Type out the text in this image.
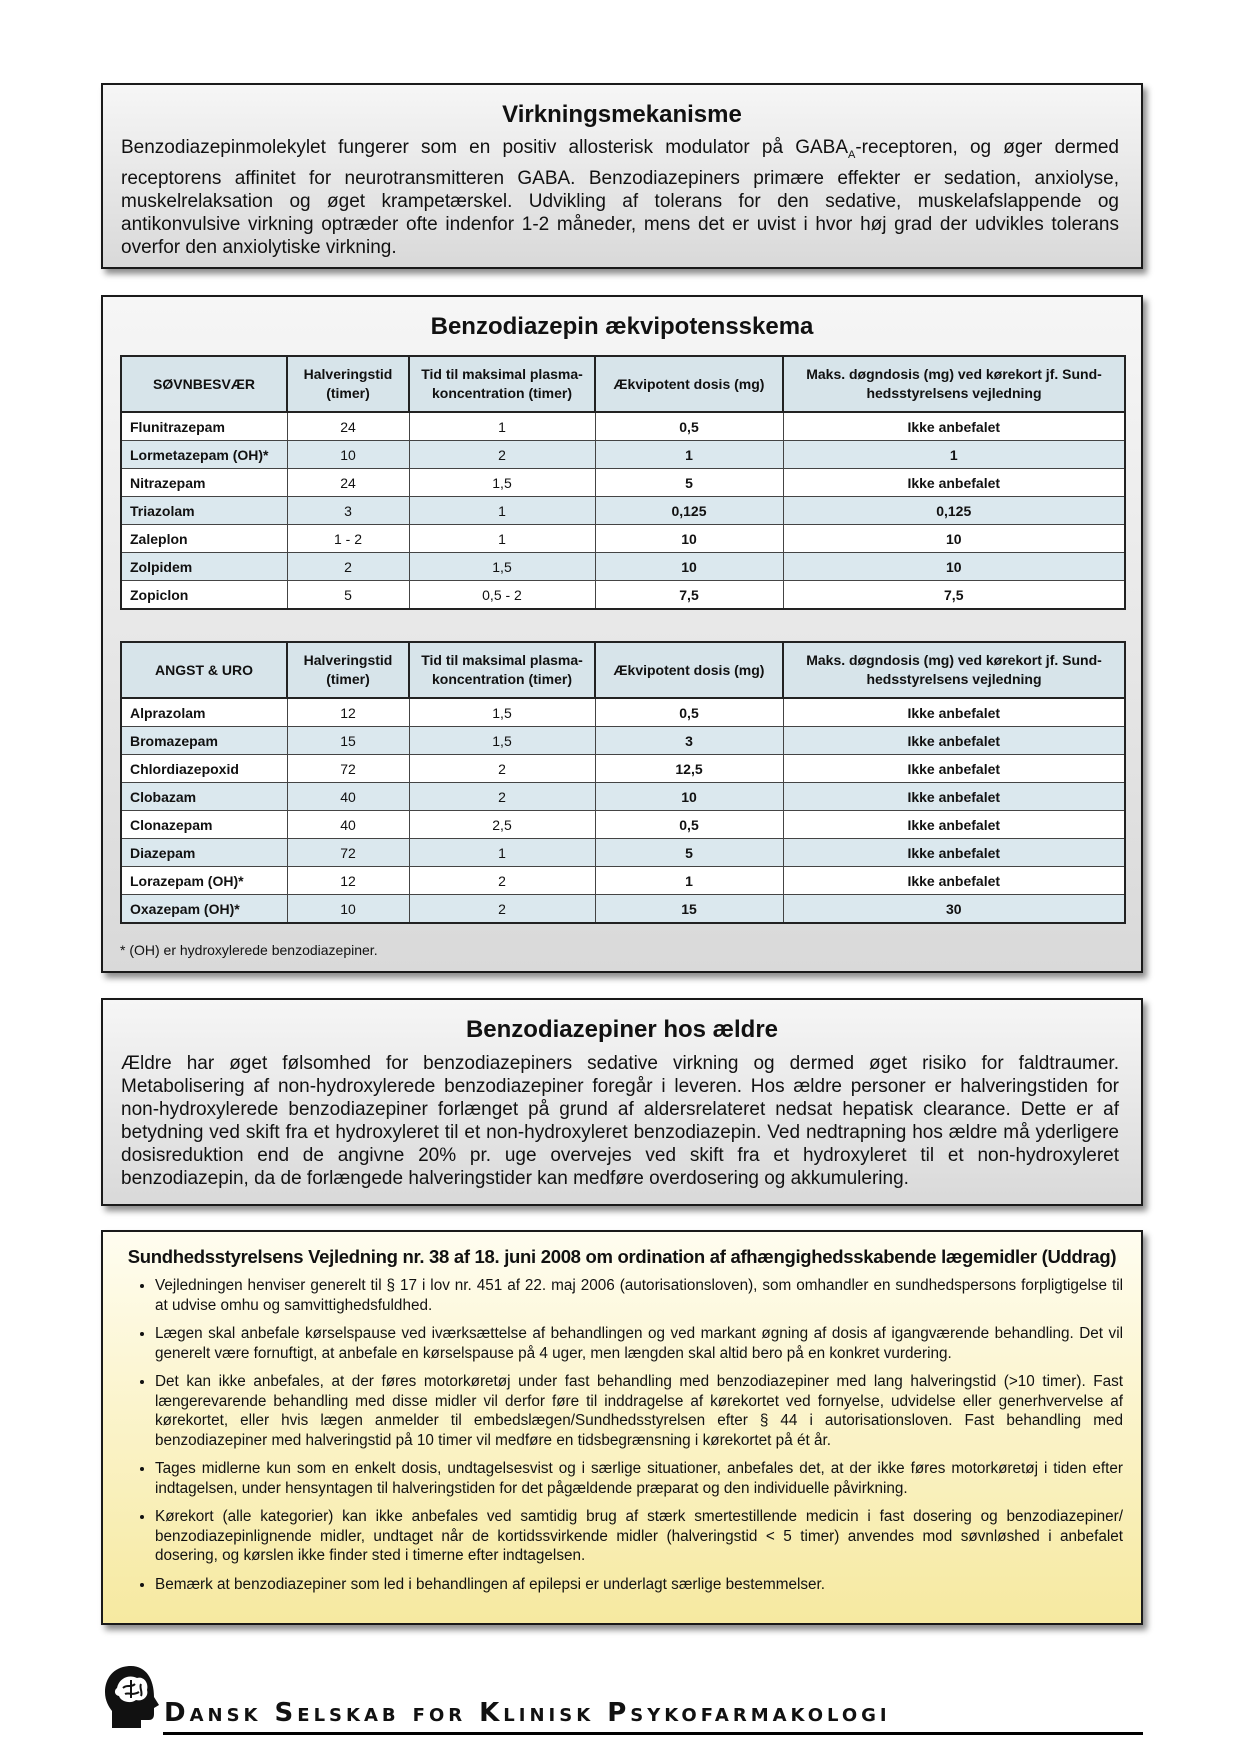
Virkningsmekanisme

Benzodiazepinmolekylet fungerer som en positiv allosterisk modulator på $GABA_A$-receptoren, og øger dermed receptorens affinitet for neurotransmitteren GABA. Benzodiazepiners primære effekter er sedation, anxiolyse, muskelrelaksation og øget krampetærskel. Udvikling af tolerans for den sedative, muskelafslappende og antikonvulsive virkning optræder ofte indenfor 1-2 måneder, mens det er uvist i hvor høj grad der udvikles tolerans overfor den anxiolytiske virkning.

Benzodiazepin ækvipotensskema
SØVNBESVÆR	Halveringstid (timer)	Tid til maksimal plasma-koncentration (timer)	Ækvipotent dosis (mg)	Maks. døgndosis (mg) ved kørekort jf. Sund-hedsstyrelsens vejledning
Flunitrazepam	24	1	0,5	Ikke anbefalet
Lormetazepam (OH)*	10	2	1	1
Nitrazepam	24	1,5	5	Ikke anbefalet
Triazolam	3	1	0,125	0,125
Zaleplon	1 - 2	1	10	10
Zolpidem	2	1,5	10	10
Zopiclon	5	0,5 - 2	7,5	7,5
ANGST & URO	Halveringstid (timer)	Tid til maksimal plasma-koncentration (timer)	Ækvipotent dosis (mg)	Maks. døgndosis (mg) ved kørekort jf. Sund-hedsstyrelsens vejledning
Alprazolam	12	1,5	0,5	Ikke anbefalet
Bromazepam	15	1,5	3	Ikke anbefalet
Chlordiazepoxid	72	2	12,5	Ikke anbefalet
Clobazam	40	2	10	Ikke anbefalet
Clonazepam	40	2,5	0,5	Ikke anbefalet
Diazepam	72	1	5	Ikke anbefalet
Lorazepam (OH)*	12	2	1	Ikke anbefalet
Oxazepam (OH)*	10	2	15	30
* (OH) er hydroxylerede benzodiazepiner.
Benzodiazepiner hos ældre

Ældre har øget følsomhed for benzodiazepiners sedative virkning og dermed øget risiko for faldtraumer. Metabolisering af non-hydroxylerede benzodiazepiner foregår i leveren. Hos ældre personer er halveringstiden for non-hydroxylerede benzodiazepiner forlænget på grund af aldersrelateret nedsat hepatisk clearance. Dette er af betydning ved skift fra et hydroxyleret til et non-hydroxyleret benzodiazepin. Ved nedtrapning hos ældre må yderligere dosisreduktion end de angivne 20% pr. uge overvejes ved skift fra et hydroxyleret til et non-hydroxyleret benzodiazepin, da de forlængede halveringstider kan medføre overdosering og akkumulering.

Sundhedsstyrelsens Vejledning nr. 38 af 18. juni 2008 om ordination af afhængighedsskabende lægemidler (Uddrag)
• Vejledningen henviser generelt til § 17 i lov nr. 451 af 22. maj 2006 (autorisationsloven), som omhandler en sundhedspersons forpligtigelse til at udvise omhu og samvittighedsfuldhed.
• Lægen skal anbefale kørselspause ved iværksættelse af behandlingen og ved markant øgning af dosis af igangværende behandling. Det vil generelt være fornuftigt, at anbefale en kørselspause på 4 uger, men længden skal altid bero på en konkret vurdering.
• Det kan ikke anbefales, at der føres motorkøretøj under fast behandling med benzodiazepiner med lang halveringstid (>10 timer). Fast længerevarende behandling med disse midler vil derfor føre til inddragelse af kørekortet ved fornyelse, udvidelse eller generhvervelse af kørekortet, eller hvis lægen anmelder til embedslægen/Sundhedsstyrelsen efter § 44 i autorisationsloven. Fast behandling med benzodiazepiner med halveringstid på 10 timer vil medføre en tidsbegrænsning i kørekortet på ét år.
• Tages midlerne kun som en enkelt dosis, undtagelsesvist og i særlige situationer, anbefales det, at der ikke føres motorkøretøj i tiden efter indtagelsen, under hensyntagen til halveringstiden for det pågældende præparat og den individuelle påvirkning.
• Kørekort (alle kategorier) kan ikke anbefales ved samtidig brug af stærk smertestillende medicin i fast dosering og benzodiazepiner/ benzodiazepinlignende midler, undtaget når de kortidssvirkende midler (halveringstid < 5 timer) anvendes mod søvnløshed i anbefalet dosering, og kørslen ikke finder sted i timerne efter indtagelsen.
• Bemærk at benzodiazepiner som led i behandlingen af epilepsi er underlagt særlige bestemmelser.
Dansk Selskab for Klinisk Psykofarmakologi
